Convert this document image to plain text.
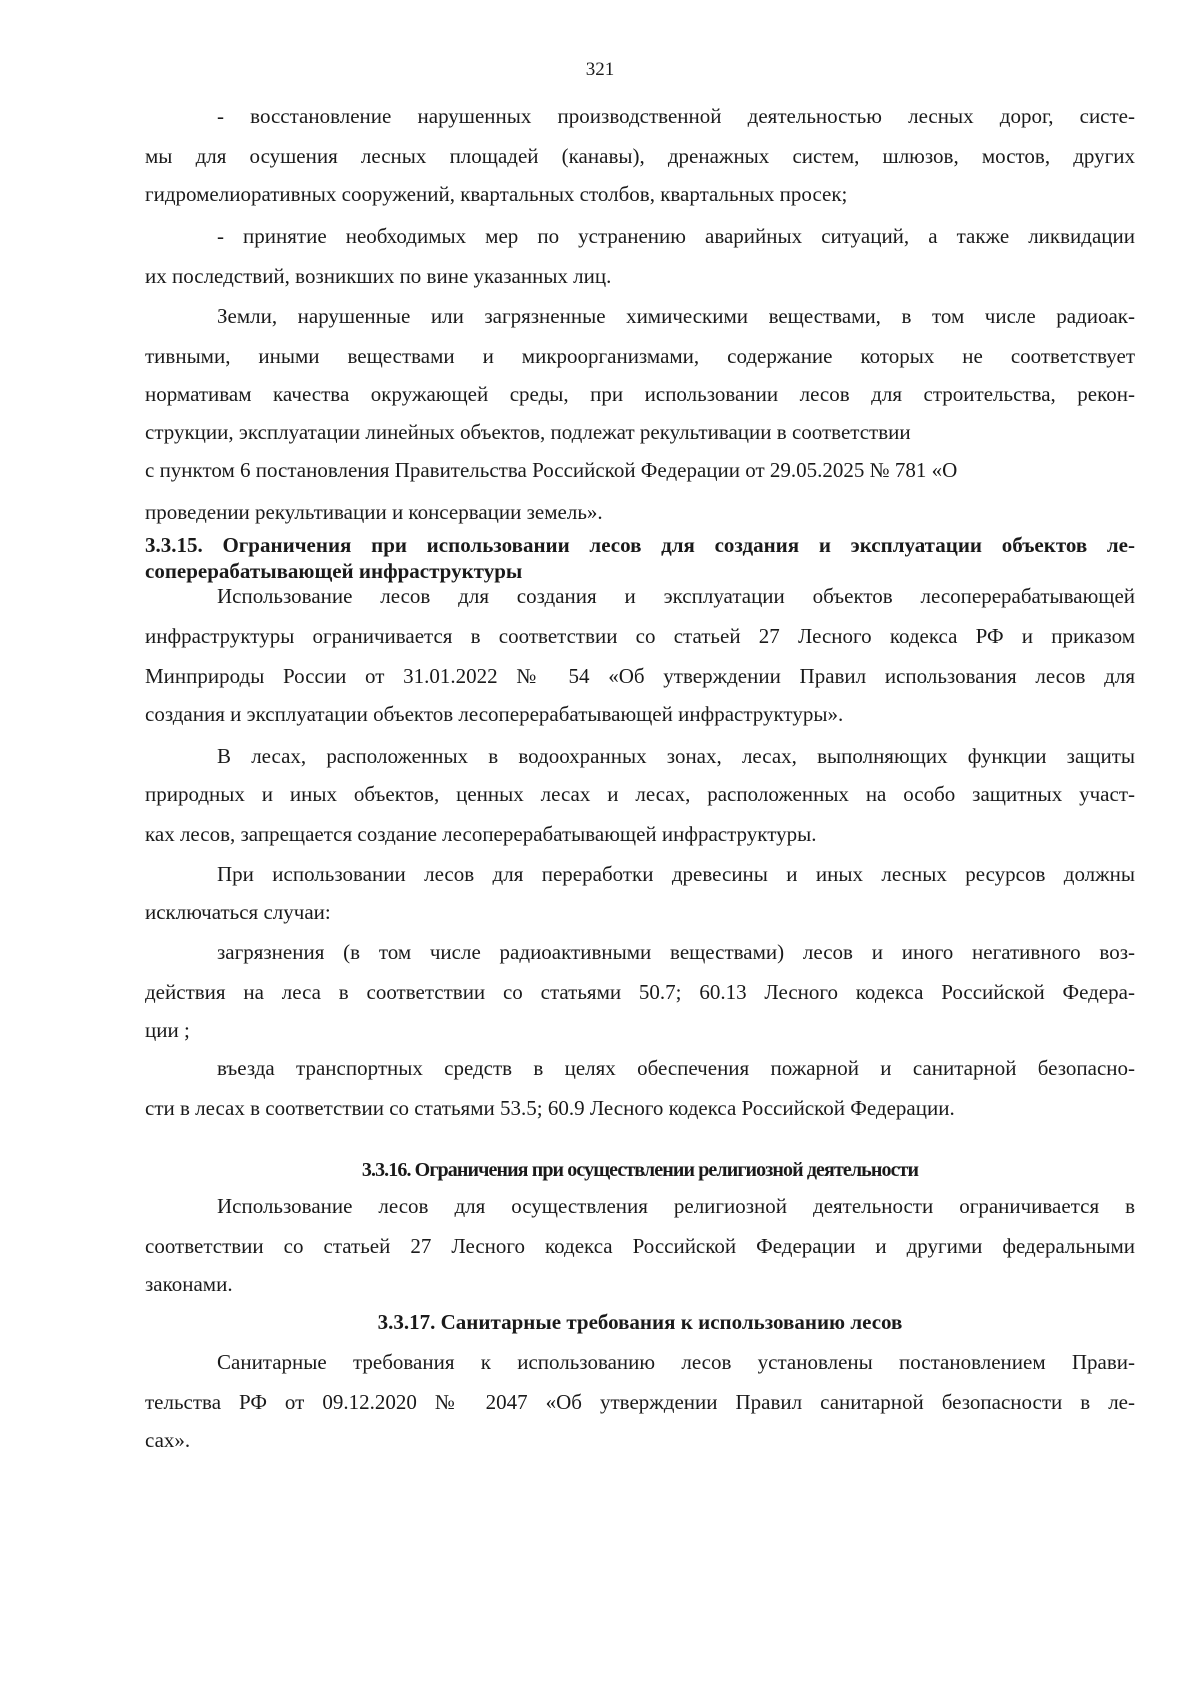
321
- восстановление нарушенных производственной деятельностью лесных дорог, систе-
мы для осушения лесных площадей (канавы), дренажных систем, шлюзов, мостов, других
гидромелиоративных сооружений, квартальных столбов, квартальных просек;
- принятие необходимых мер по устранению аварийных ситуаций, а также ликвидации
их последствий, возникших по вине указанных лиц.
Земли, нарушенные или загрязненные химическими веществами, в том числе радиоак-
тивными, иными веществами и микроорганизмами, содержание которых не соответствует
нормативам качества окружающей среды, при использовании лесов для строительства, рекон-
струкции, эксплуатации линейных объектов, подлежат рекультивации в соответствии
с пунктом 6 постановления Правительства Российской Федерации от 29.05.2025 № 781 «О
проведении рекультивации и консервации земель».
3.3.15. Ограничения при использовании лесов для создания и эксплуатации объектов ле-
соперерабатывающей инфраструктуры
Использование лесов для создания и эксплуатации объектов лесоперерабатывающей
инфраструктуры ограничивается в соответствии со статьей 27 Лесного кодекса РФ и приказом
Минприроды России от 31.01.2022 № 54 «Об утверждении Правил использования лесов для
создания и эксплуатации объектов лесоперерабатывающей инфраструктуры».
В лесах, расположенных в водоохранных зонах, лесах, выполняющих функции защиты
природных и иных объектов, ценных лесах и лесах, расположенных на особо защитных участ-
ках лесов, запрещается создание лесоперерабатывающей инфраструктуры.
При использовании лесов для переработки древесины и иных лесных ресурсов должны
исключаться случаи:
загрязнения (в том числе радиоактивными веществами) лесов и иного негативного воз-
действия на леса в соответствии со статьями 50.7; 60.13 Лесного кодекса Российской Федера-
ции ;
въезда транспортных средств в целях обеспечения пожарной и санитарной безопасно-
сти в лесах в соответствии со статьями 53.5; 60.9 Лесного кодекса Российской Федерации.
3.3.16. Ограничения при осуществлении религиозной деятельности
Использование лесов для осуществления религиозной деятельности ограничивается в
соответствии со статьей 27 Лесного кодекса Российской Федерации и другими федеральными
законами.
3.3.17. Санитарные требования к использованию лесов
Санитарные требования к использованию лесов установлены постановлением Прави-
тельства РФ от 09.12.2020 № 2047 «Об утверждении Правил санитарной безопасности в ле-
сах».
